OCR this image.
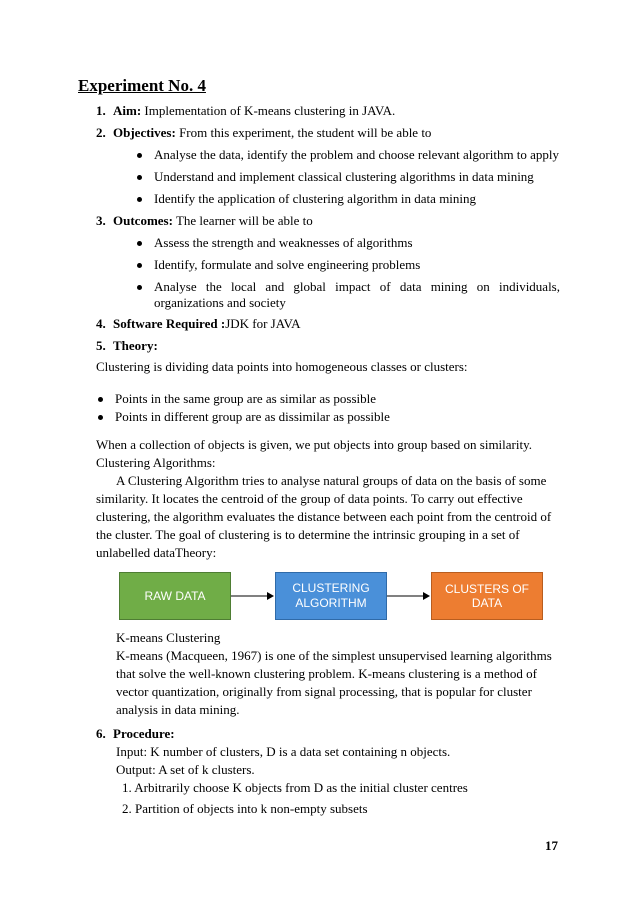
Experiment No. 4
1. Aim: Implementation of K-means clustering in JAVA.
2. Objectives: From this experiment, the student will be able to
Analyse the data, identify the problem and choose relevant algorithm to apply
Understand and implement classical clustering algorithms in data mining
Identify the application of clustering algorithm in data mining
3. Outcomes: The learner will be able to
Assess the strength and weaknesses of algorithms
Identify, formulate and solve engineering problems
Analyse the local and global impact of data mining on individuals,
organizations and society
4. Software Required :JDK for JAVA
5. Theory:
Clustering is dividing data points into homogeneous classes or clusters:
Points in the same group are as similar as possible
Points in different group are as dissimilar as possible
When a collection of objects is given, we put objects into group based on similarity.
Clustering Algorithms:
A Clustering Algorithm tries to analyse natural groups of data on the basis of some
similarity. It locates the centroid of the group of data points. To carry out effective
clustering, the algorithm evaluates the distance between each point from the centroid of
the cluster. The goal of clustering is to determine the intrinsic grouping in a set of
unlabelled dataTheory:
RAW DATA
CLUSTERING
ALGORITHM
CLUSTERS OF DATA
K-means Clustering
K-means (Macqueen, 1967) is one of the simplest unsupervised learning algorithms
that solve the well-known clustering problem. K-means clustering is a method of
vector quantization, originally from signal processing, that is popular for cluster
analysis in data mining.
6. Procedure:
Input: K number of clusters, D is a data set containing n objects.
Output: A set of k clusters.
1. Arbitrarily choose K objects from D as the initial cluster centres
2. Partition of objects into k non-empty subsets
17
